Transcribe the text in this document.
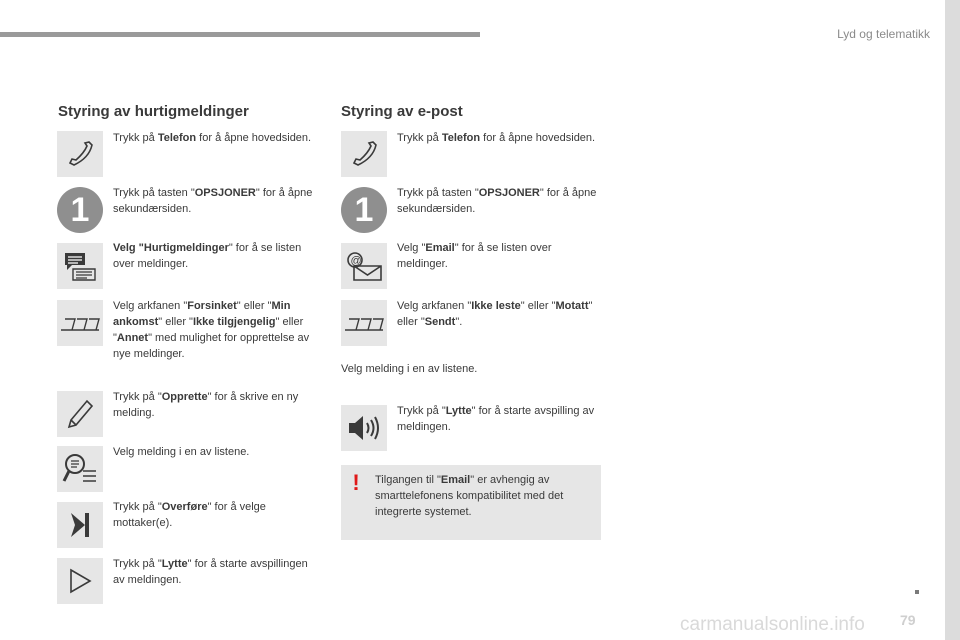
Lyd og telematikk
Styring av hurtigmeldinger
Trykk på Telefon for å åpne hovedsiden.
1	Trykk på tasten "OPSJONER" for å åpne sekundærsiden.
Velg "Hurtigmeldinger" for å se listen over meldinger.
Velg arkfanen "Forsinket" eller "Min ankomst" eller "Ikke tilgjengelig" eller "Annet" med mulighet for opprettelse av nye meldinger.
Trykk på "Opprette" for å skrive en ny melding.
Velg melding i en av listene.
Trykk på "Overføre" for å velge mottaker(e).
Trykk på "Lytte" for å starte avspillingen av meldingen.
Styring av e-post
Trykk på Telefon for å åpne hovedsiden.
1	Trykk på tasten "OPSJONER" for å åpne sekundærsiden.
@
Velg "Email" for å se listen over meldinger.
Velg arkfanen "Ikke leste" eller "Motatt" eller "Sendt".
Velg melding i en av listene.
Trykk på "Lytte" for å starte avspilling av meldingen.
!	Tilgangen til "Email" er avhengig av smarttelefonens kompatibilitet med det integrerte systemet.
carmanualsonline.info	79
